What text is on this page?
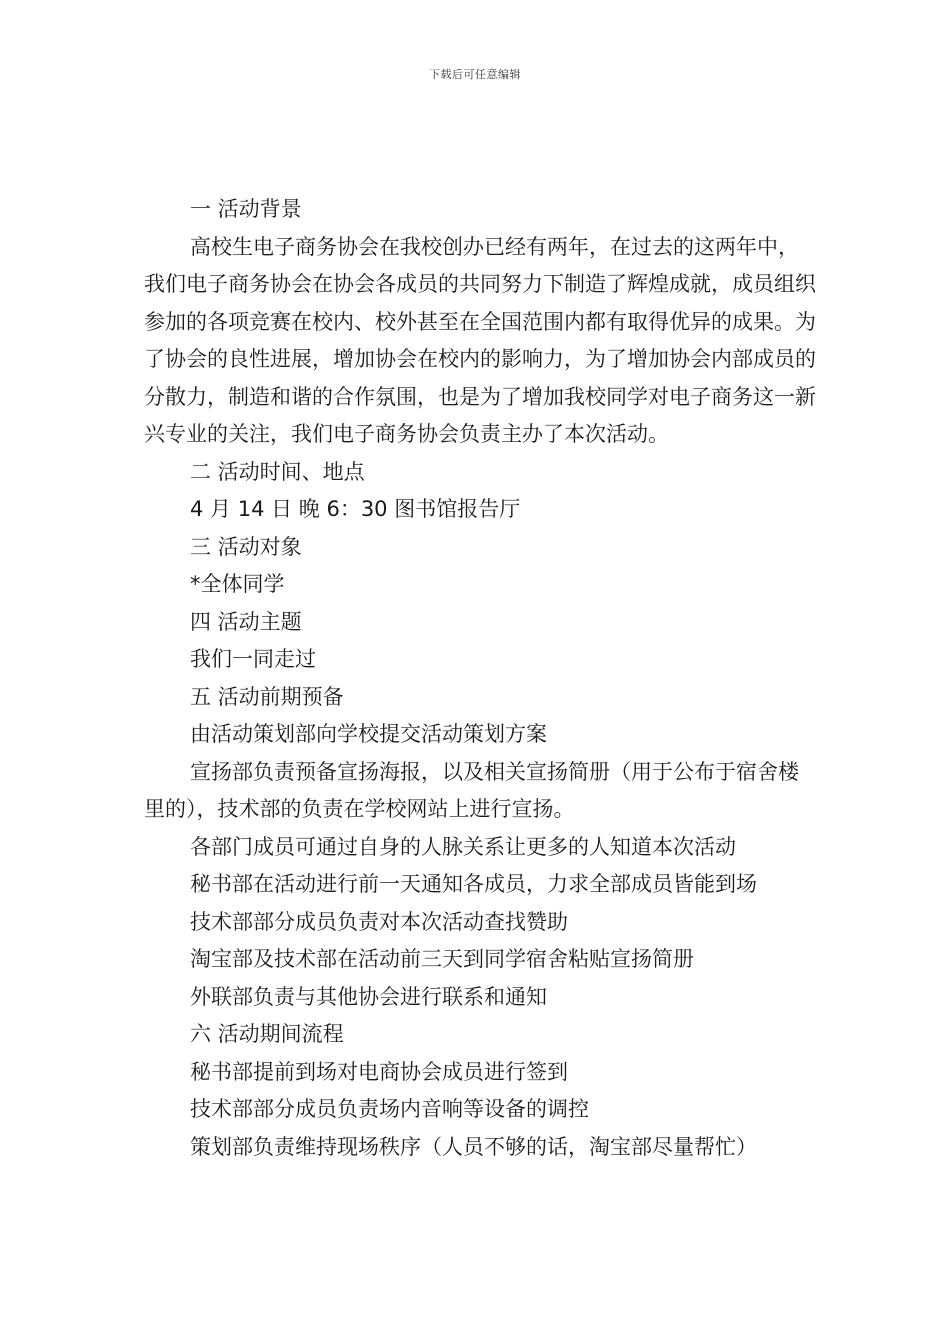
下载后可任意编辑

一 活动背景

高校生电子商务协会在我校创办已经有两年，在过去的这两年中，我们电子商务协会在协会各成员的共同努力下制造了辉煌成就，成员组织参加的各项竞赛在校内、校外甚至在全国范围内都有取得优异的成果。为了协会的良性进展，增加协会在校内的影响力，为了增加协会内部成员的分散力，制造和谐的合作氛围，也是为了增加我校同学对电子商务这一新兴专业的关注，我们电子商务协会负责主办了本次活动。

二 活动时间、地点

4 月 14 日 晚 6：30 图书馆报告厅

三 活动对象

*全体同学

四 活动主题

我们一同走过

五 活动前期预备

由活动策划部向学校提交活动策划方案

宣扬部负责预备宣扬海报，以及相关宣扬简册（用于公布于宿舍楼里的），技术部的负责在学校网站上进行宣扬。

各部门成员可通过自身的人脉关系让更多的人知道本次活动

秘书部在活动进行前一天通知各成员，力求全部成员皆能到场

技术部部分成员负责对本次活动查找赞助

淘宝部及技术部在活动前三天到同学宿舍粘贴宣扬简册

外联部负责与其他协会进行联系和通知

六 活动期间流程

秘书部提前到场对电商协会成员进行签到

技术部部分成员负责场内音响等设备的调控

策划部负责维持现场秩序（人员不够的话，淘宝部尽量帮忙）
